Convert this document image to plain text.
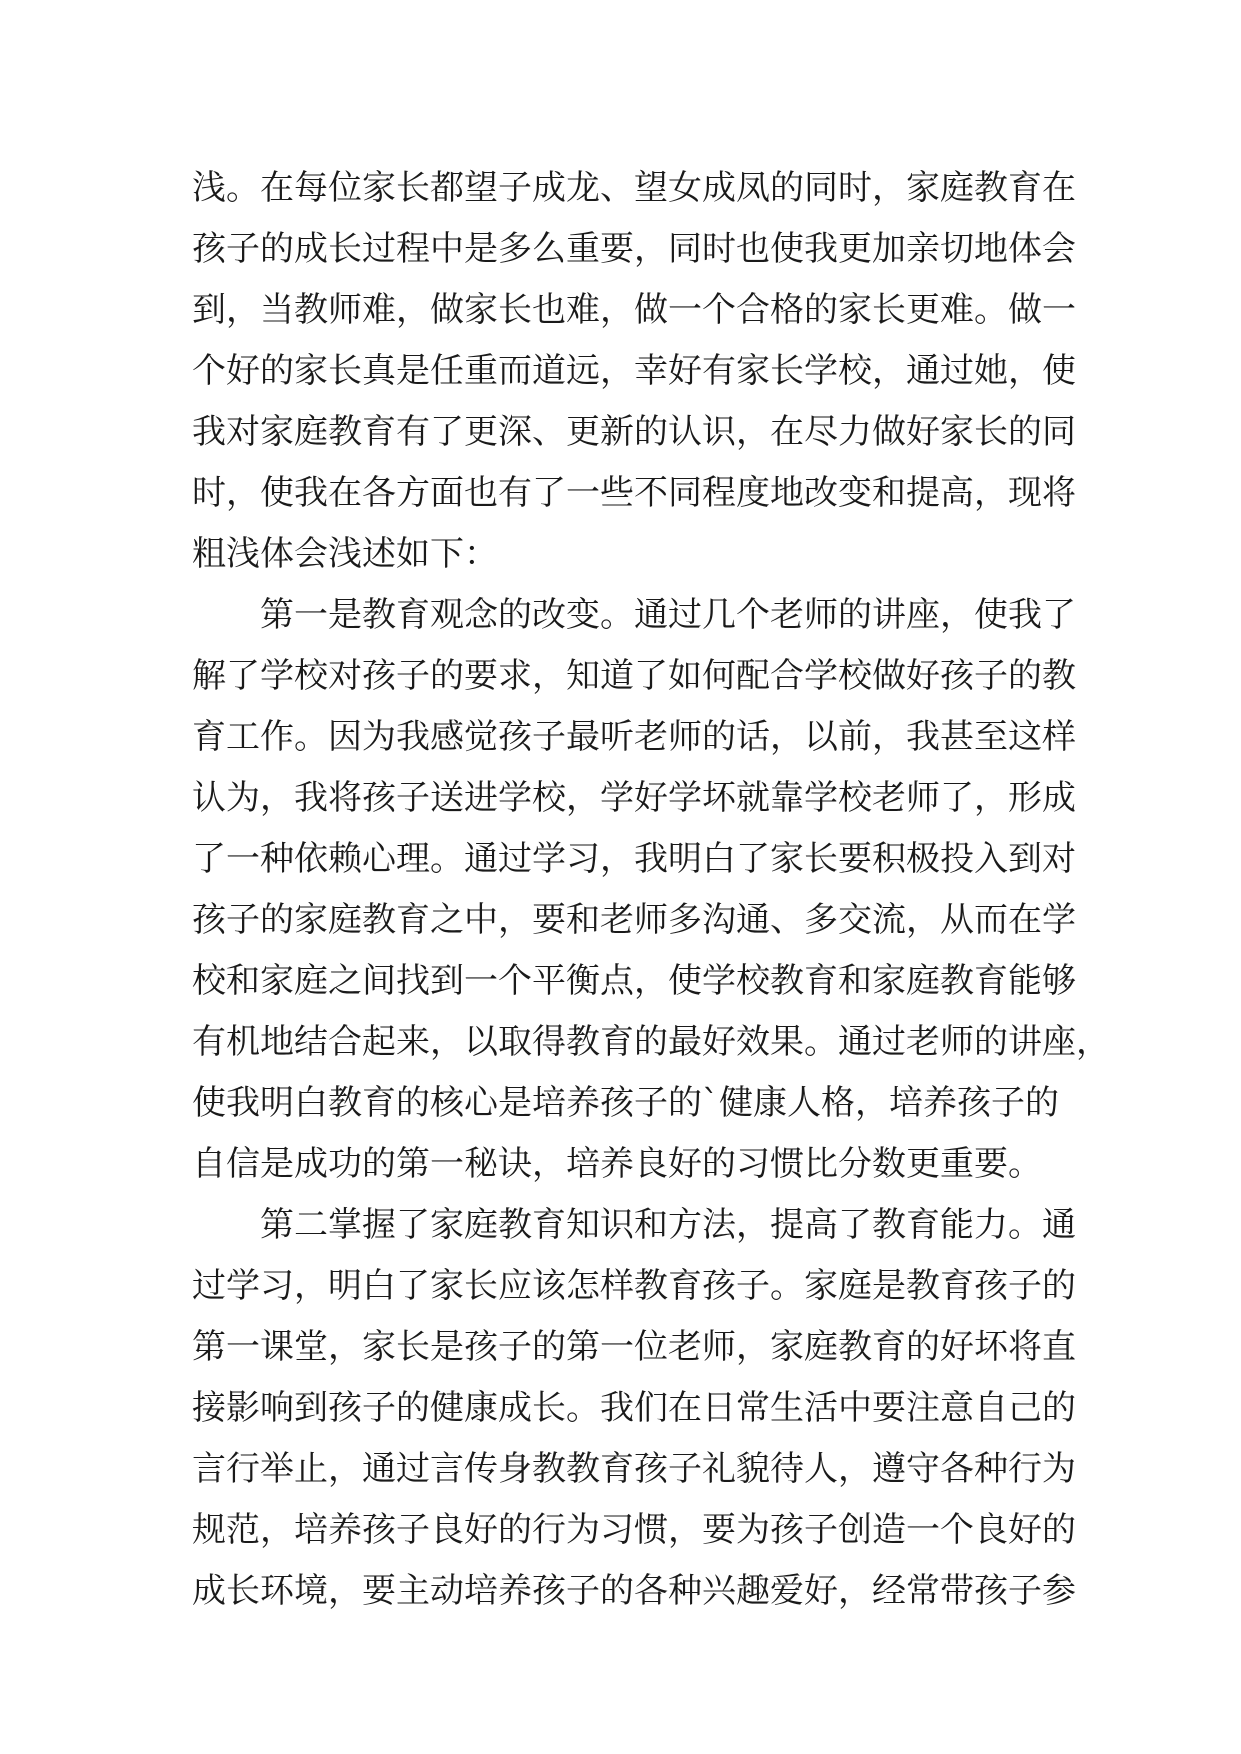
浅。在每位家长都望子成龙、望女成凤的同时，家庭教育在
孩子的成长过程中是多么重要，同时也使我更加亲切地体会
到，当教师难，做家长也难，做一个合格的家长更难。做一
个好的家长真是任重而道远，幸好有家长学校，通过她，使
我对家庭教育有了更深、更新的认识，在尽力做好家长的同
时，使我在各方面也有了一些不同程度地改变和提高，现将
粗浅体会浅述如下：
第一是教育观念的改变。通过几个老师的讲座，使我了
解了学校对孩子的要求，知道了如何配合学校做好孩子的教
育工作。因为我感觉孩子最听老师的话，以前，我甚至这样
认为，我将孩子送进学校，学好学坏就靠学校老师了，形成
了一种依赖心理。通过学习，我明白了家长要积极投入到对
孩子的家庭教育之中，要和老师多沟通、多交流，从而在学
校和家庭之间找到一个平衡点，使学校教育和家庭教育能够
有机地结合起来，以取得教育的最好效果。通过老师的讲座，
使我明白教育的核心是培养孩子的`健康人格，培养孩子的
自信是成功的第一秘诀，培养良好的习惯比分数更重要。
第二掌握了家庭教育知识和方法，提高了教育能力。通
过学习，明白了家长应该怎样教育孩子。家庭是教育孩子的
第一课堂，家长是孩子的第一位老师，家庭教育的好坏将直
接影响到孩子的健康成长。我们在日常生活中要注意自己的
言行举止，通过言传身教教育孩子礼貌待人，遵守各种行为
规范，培养孩子良好的行为习惯，要为孩子创造一个良好的
成长环境，要主动培养孩子的各种兴趣爱好，经常带孩子参
